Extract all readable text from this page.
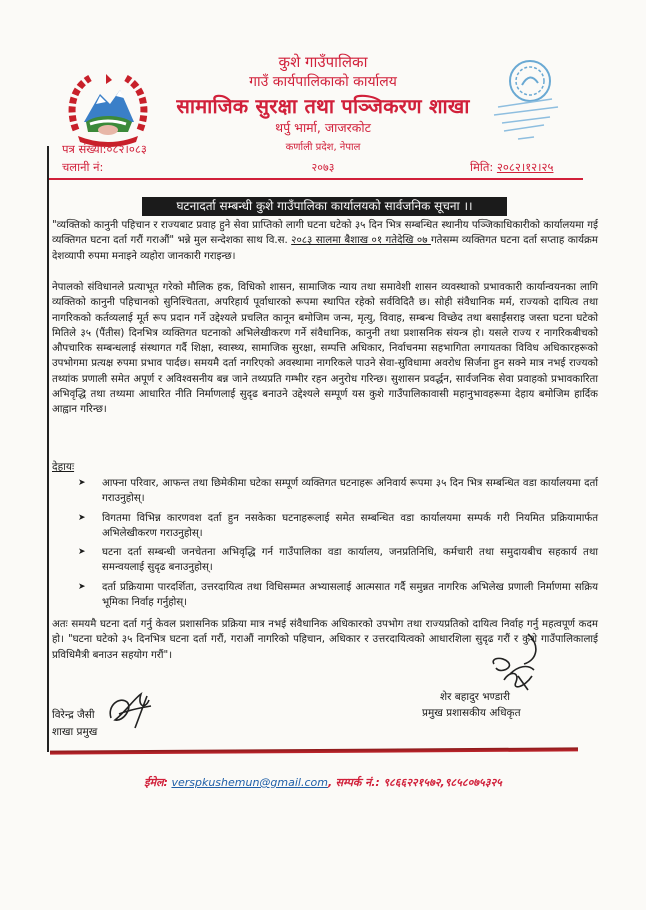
कुशे गाउँपालिका
गाउँ कार्यपालिकाको कार्यालय
सामाजिक सुरक्षा तथा पञ्जिकरण शाखा
थर्पु भार्मा, जाजरकोट
कर्णाली प्रदेश, नेपाल
पत्र संख्या:०८२।०८३
चलानी नं:	२०७३	मिति: २०८२।१२।२५
घटनादर्ता सम्बन्धी कुशे गाउँपालिका कार्यालयको सार्वजनिक सूचना ।।
"व्यक्तिको कानुनी पहिचान र राज्यबाट प्रवाह हुने सेवा प्राप्तिको लागी घटना घटेको ३५ दिन भित्र सम्बन्धित स्थानीय पञ्जिकाधिकारीको कार्यालयमा गई व्यक्तिगत घटना दर्ता गरौं गराऔं" भन्ने मुल सन्देशका साथ वि.स. २०८३ सालमा बैशाख ०१ गतेदेखि ०७ गतेसम्म व्यक्तिगत घटना दर्ता सप्ताह कार्यक्रम देशव्यापी रुपमा मनाइने व्यहोरा जानकारी गराइन्छ।
नेपालको संविधानले प्रत्याभूत गरेको मौलिक हक, विधिको शासन, सामाजिक न्याय तथा समावेशी शासन व्यवस्थाको प्रभावकारी कार्यान्वयनका लागि व्यक्तिको कानुनी पहिचानको सुनिश्चितता, अपरिहार्य पूर्वाधारको रूपमा स्थापित रहेको सर्वविदितै छ। सोही संवैधानिक मर्म, राज्यको दायित्व तथा नागरिकको कर्तव्यलाई मूर्त रूप प्रदान गर्ने उद्देश्यले प्रचलित कानून बमोजिम जन्म, मृत्यु, विवाह, सम्बन्ध विच्छेद तथा बसाईंसराइ जस्ता घटना घटेको मितिले ३५ (पैंतीस) दिनभित्र व्यक्तिगत घटनाको अभिलेखीकरण गर्ने संवैधानिक, कानुनी तथा प्रशासनिक संयन्त्र हो। यसले राज्य र नागरिकबीचको औपचारिक सम्बन्धलाई संस्थागत गर्दै शिक्षा, स्वास्थ्य, सामाजिक सुरक्षा, सम्पत्ति अधिकार, निर्वाचनमा सहभागिता लगायतका विविध अधिकारहरूको उपभोगमा प्रत्यक्ष रुपमा प्रभाव पार्दछ। समयमै दर्ता नगरिएको अवस्थामा नागरिकले पाउने सेवा-सुविधामा अवरोध सिर्जना हुन सक्ने मात्र नभई राज्यको तथ्यांक प्रणाली समेत अपूर्ण र अविश्वसनीय बन्न जाने तथ्यप्रति गम्भीर रहन अनुरोध गरिन्छ। सुशासन प्रवर्द्धन, सार्वजनिक सेवा प्रवाहको प्रभावकारिता अभिवृद्धि तथा तथ्यमा आधारित नीति निर्माणलाई सुदृढ बनाउने उद्देश्यले सम्पूर्ण यस कुशे गाउँपालिकावासी महानुभावहरूमा देहाय बमोजिम हार्दिक आह्वान गरिन्छ।
देहायः
➤ आफ्ना परिवार, आफन्त तथा छिमेकीमा घटेका सम्पूर्ण व्यक्तिगत घटनाहरू अनिवार्य रूपमा ३५ दिन भित्र सम्बन्धित वडा कार्यालयमा दर्ता गराउनुहोस्।
➤ विगतमा विभिन्न कारणवश दर्ता हुन नसकेका घटनाहरूलाई समेत सम्बन्धित वडा कार्यालयमा सम्पर्क गरी नियमित प्रक्रियामार्फत अभिलेखीकरण गराउनुहोस्।
➤ घटना दर्ता सम्बन्धी जनचेतना अभिवृद्धि गर्न गाउँपालिका वडा कार्यालय, जनप्रतिनिधि, कर्मचारी तथा समुदायबीच सहकार्य तथा समन्वयलाई सुदृढ बनाउनुहोस्।
➤ दर्ता प्रक्रियामा पारदर्शिता, उत्तरदायित्व तथा विधिसम्मत अभ्यासलाई आत्मसात गर्दै समुन्नत नागरिक अभिलेख प्रणाली निर्माणमा सक्रिय भूमिका निर्वाह गर्नुहोस्।
अतः समयमै घटना दर्ता गर्नु केवल प्रशासनिक प्रक्रिया मात्र नभई संवैधानिक अधिकारको उपभोग तथा राज्यप्रतिको दायित्व निर्वाह गर्नु महत्वपूर्ण कदम हो। "घटना घटेको ३५ दिनभित्र घटना दर्ता गरौं, गराऔं नागरिको पहिचान, अधिकार र उत्तरदायित्वको आधारशिला सुदृढ गरौं र कुशे गाउँपालिकालाई प्रविधिमैत्री बनाउन सहयोग गरौं"।
विरेन्द्र जैसी
शाखा प्रमुख
शेर बहादुर भण्डारी
प्रमुख प्रशासकीय अधिकृत
ईमेल: verspkushemun@gmail.com, सम्पर्क नं.: ९८६६२२१५७२,९८५८०७५३२५
